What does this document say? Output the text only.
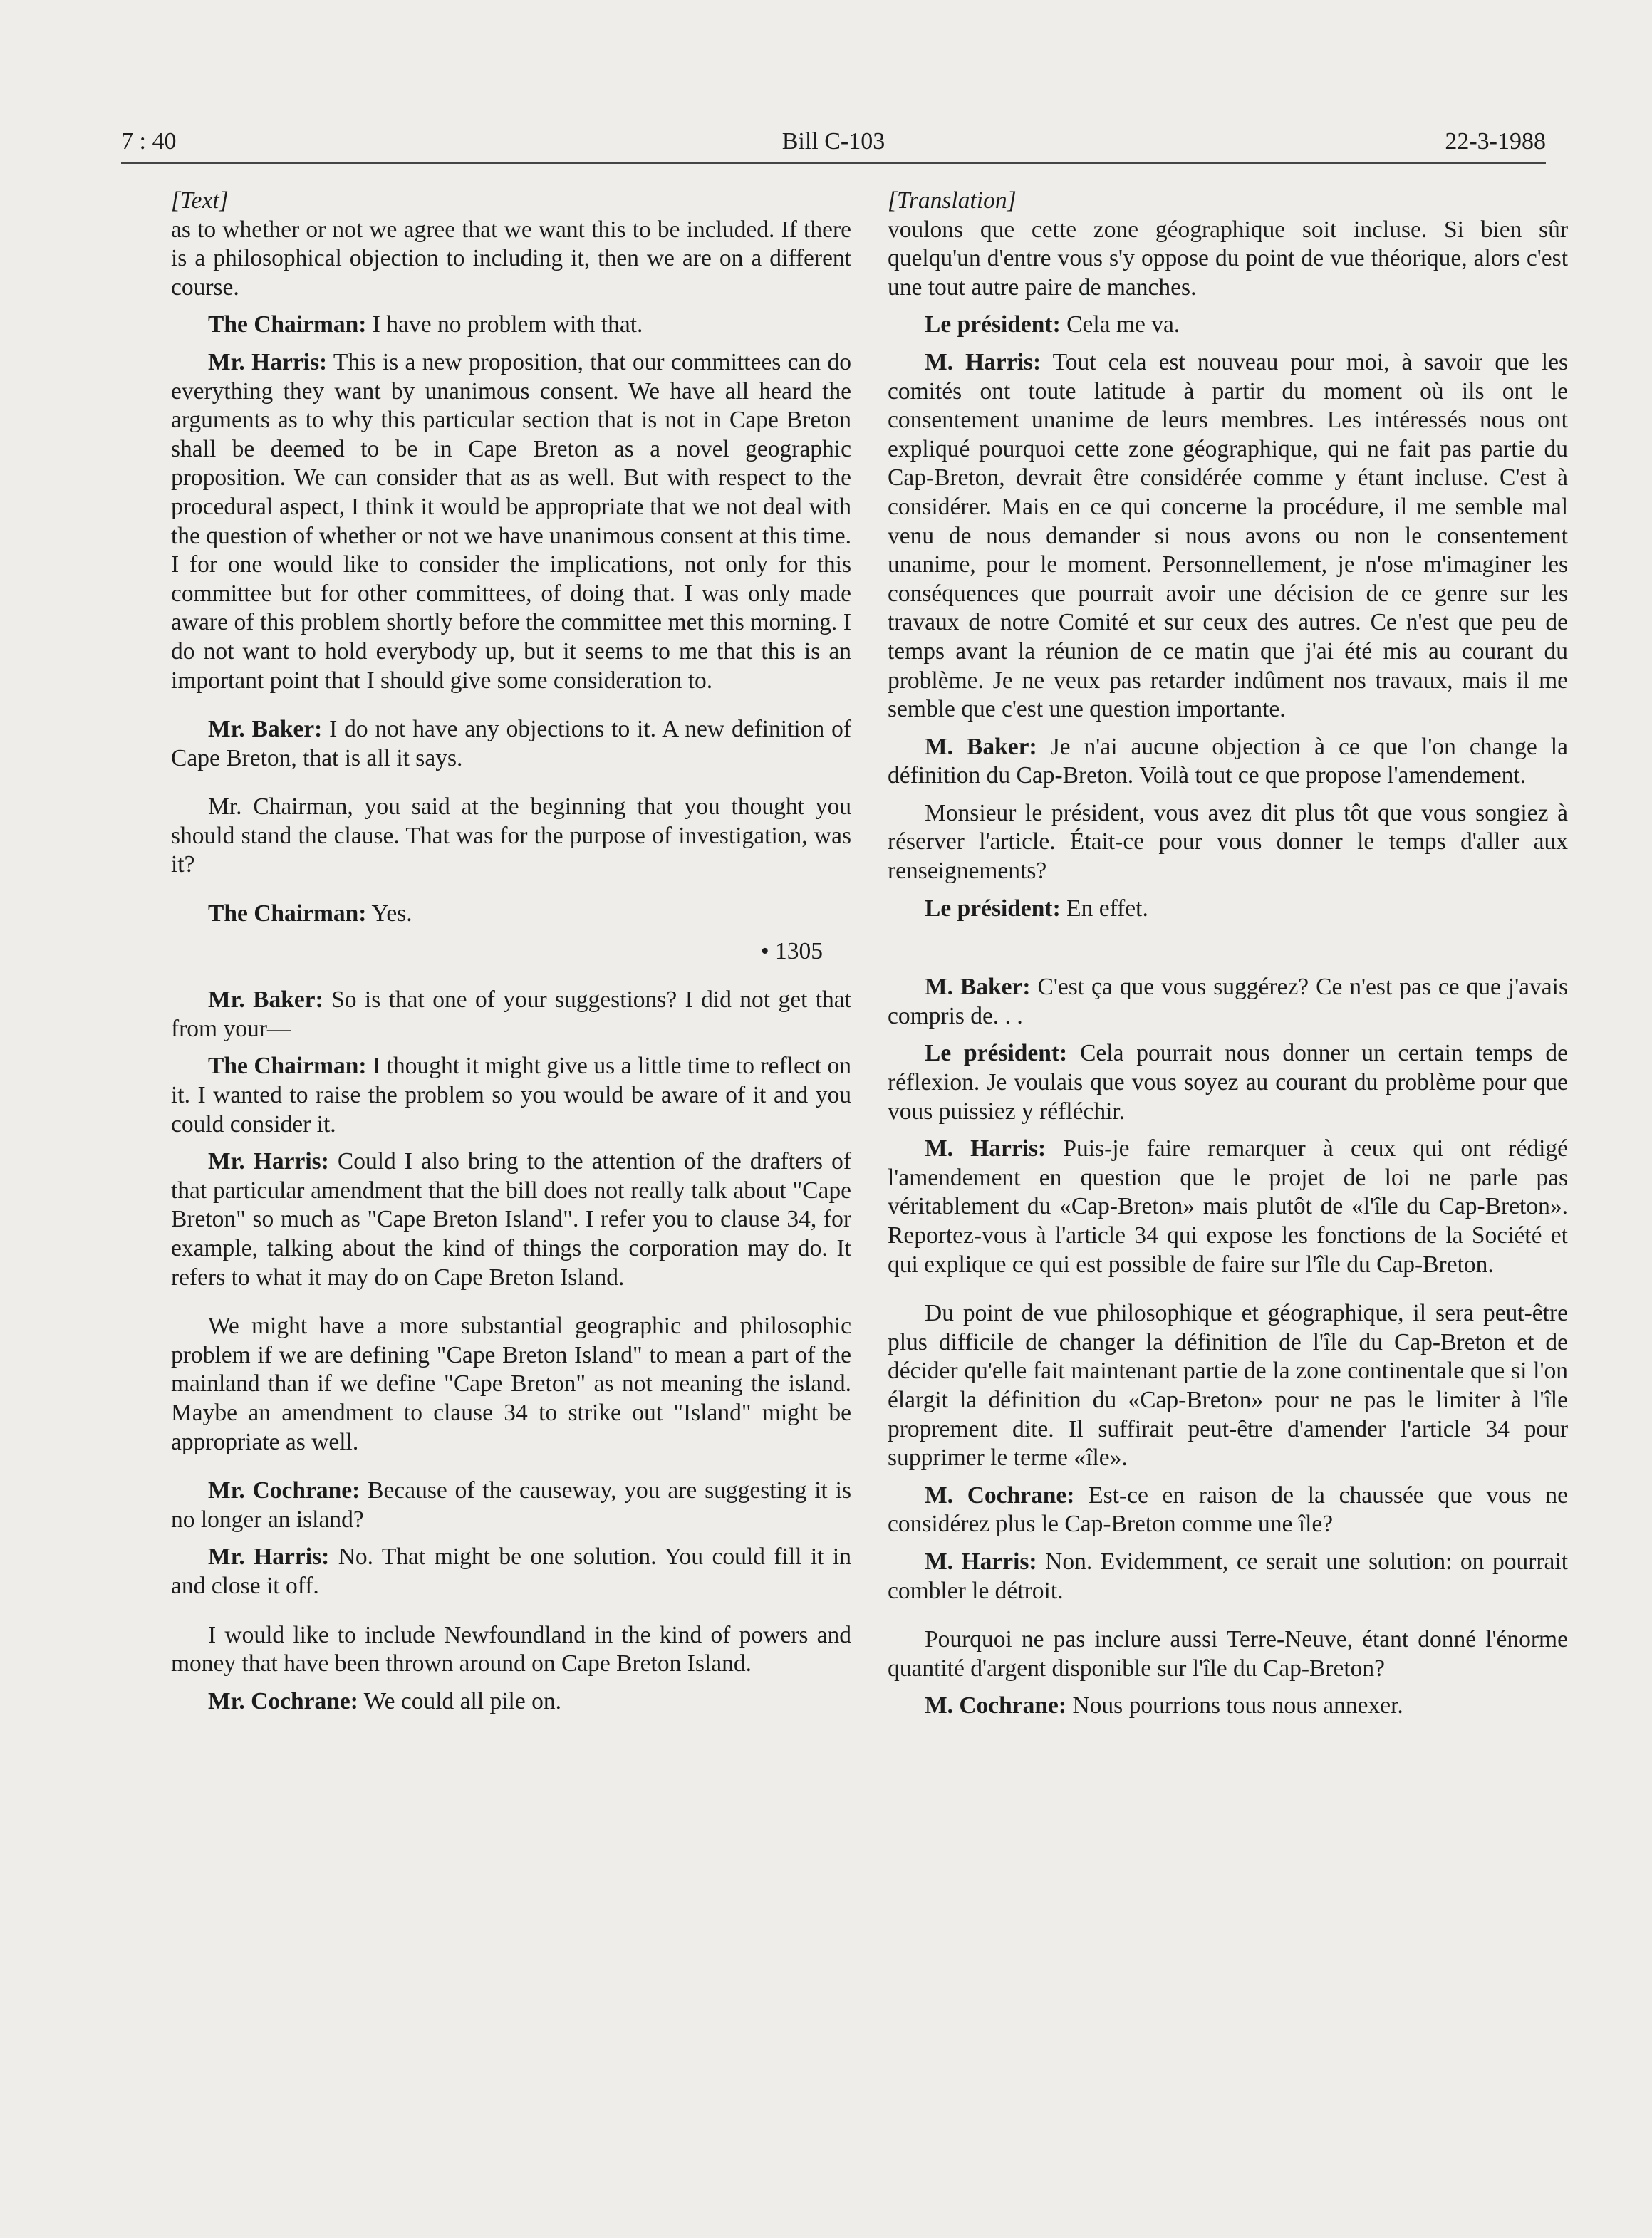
7 : 40	Bill C-103	22-3-1988
[Text]

as to whether or not we agree that we want this to be included. If there is a philosophical objection to including it, then we are on a different course.

The Chairman: I have no problem with that.

Mr. Harris: This is a new proposition, that our committees can do everything they want by unanimous consent. We have all heard the arguments as to why this particular section that is not in Cape Breton shall be deemed to be in Cape Breton as a novel geographic proposition. We can consider that as as well. But with respect to the procedural aspect, I think it would be appropriate that we not deal with the question of whether or not we have unanimous consent at this time. I for one would like to consider the implications, not only for this committee but for other committees, of doing that. I was only made aware of this problem shortly before the committee met this morning. I do not want to hold everybody up, but it seems to me that this is an important point that I should give some consideration to.

Mr. Baker: I do not have any objections to it. A new definition of Cape Breton, that is all it says.

Mr. Chairman, you said at the beginning that you thought you should stand the clause. That was for the purpose of investigation, was it?

The Chairman: Yes.

• 1305

Mr. Baker: So is that one of your suggestions? I did not get that from your—

The Chairman: I thought it might give us a little time to reflect on it. I wanted to raise the problem so you would be aware of it and you could consider it.

Mr. Harris: Could I also bring to the attention of the drafters of that particular amendment that the bill does not really talk about "Cape Breton" so much as "Cape Breton Island". I refer you to clause 34, for example, talking about the kind of things the corporation may do. It refers to what it may do on Cape Breton Island.

We might have a more substantial geographic and philosophic problem if we are defining "Cape Breton Island" to mean a part of the mainland than if we define "Cape Breton" as not meaning the island. Maybe an amendment to clause 34 to strike out "Island" might be appropriate as well.

Mr. Cochrane: Because of the causeway, you are suggesting it is no longer an island?

Mr. Harris: No. That might be one solution. You could fill it in and close it off.

I would like to include Newfoundland in the kind of powers and money that have been thrown around on Cape Breton Island.

Mr. Cochrane: We could all pile on.

[Translation]

voulons que cette zone géographique soit incluse. Si bien sûr quelqu'un d'entre vous s'y oppose du point de vue théorique, alors c'est une tout autre paire de manches.

Le président: Cela me va.

M. Harris: Tout cela est nouveau pour moi, à savoir que les comités ont toute latitude à partir du moment où ils ont le consentement unanime de leurs membres. Les intéressés nous ont expliqué pourquoi cette zone géographique, qui ne fait pas partie du Cap-Breton, devrait être considérée comme y étant incluse. C'est à considérer. Mais en ce qui concerne la procédure, il me semble mal venu de nous demander si nous avons ou non le consentement unanime, pour le moment. Personnellement, je n'ose m'imaginer les conséquences que pourrait avoir une décision de ce genre sur les travaux de notre Comité et sur ceux des autres. Ce n'est que peu de temps avant la réunion de ce matin que j'ai été mis au courant du problème. Je ne veux pas retarder indûment nos travaux, mais il me semble que c'est une question importante.

M. Baker: Je n'ai aucune objection à ce que l'on change la définition du Cap-Breton. Voilà tout ce que propose l'amendement.

Monsieur le président, vous avez dit plus tôt que vous songiez à réserver l'article. Était-ce pour vous donner le temps d'aller aux renseignements?

Le président: En effet.

M. Baker: C'est ça que vous suggérez? Ce n'est pas ce que j'avais compris de. . .

Le président: Cela pourrait nous donner un certain temps de réflexion. Je voulais que vous soyez au courant du problème pour que vous puissiez y réfléchir.

M. Harris: Puis-je faire remarquer à ceux qui ont rédigé l'amendement en question que le projet de loi ne parle pas véritablement du «Cap-Breton» mais plutôt de «l'île du Cap-Breton». Reportez-vous à l'article 34 qui expose les fonctions de la Société et qui explique ce qui est possible de faire sur l'île du Cap-Breton.

Du point de vue philosophique et géographique, il sera peut-être plus difficile de changer la définition de l'île du Cap-Breton et de décider qu'elle fait maintenant partie de la zone continentale que si l'on élargit la définition du «Cap-Breton» pour ne pas le limiter à l'île proprement dite. Il suffirait peut-être d'amender l'article 34 pour supprimer le terme «île».

M. Cochrane: Est-ce en raison de la chaussée que vous ne considérez plus le Cap-Breton comme une île?

M. Harris: Non. Evidemment, ce serait une solution: on pourrait combler le détroit.

Pourquoi ne pas inclure aussi Terre-Neuve, étant donné l'énorme quantité d'argent disponible sur l'île du Cap-Breton?

M. Cochrane: Nous pourrions tous nous annexer.
